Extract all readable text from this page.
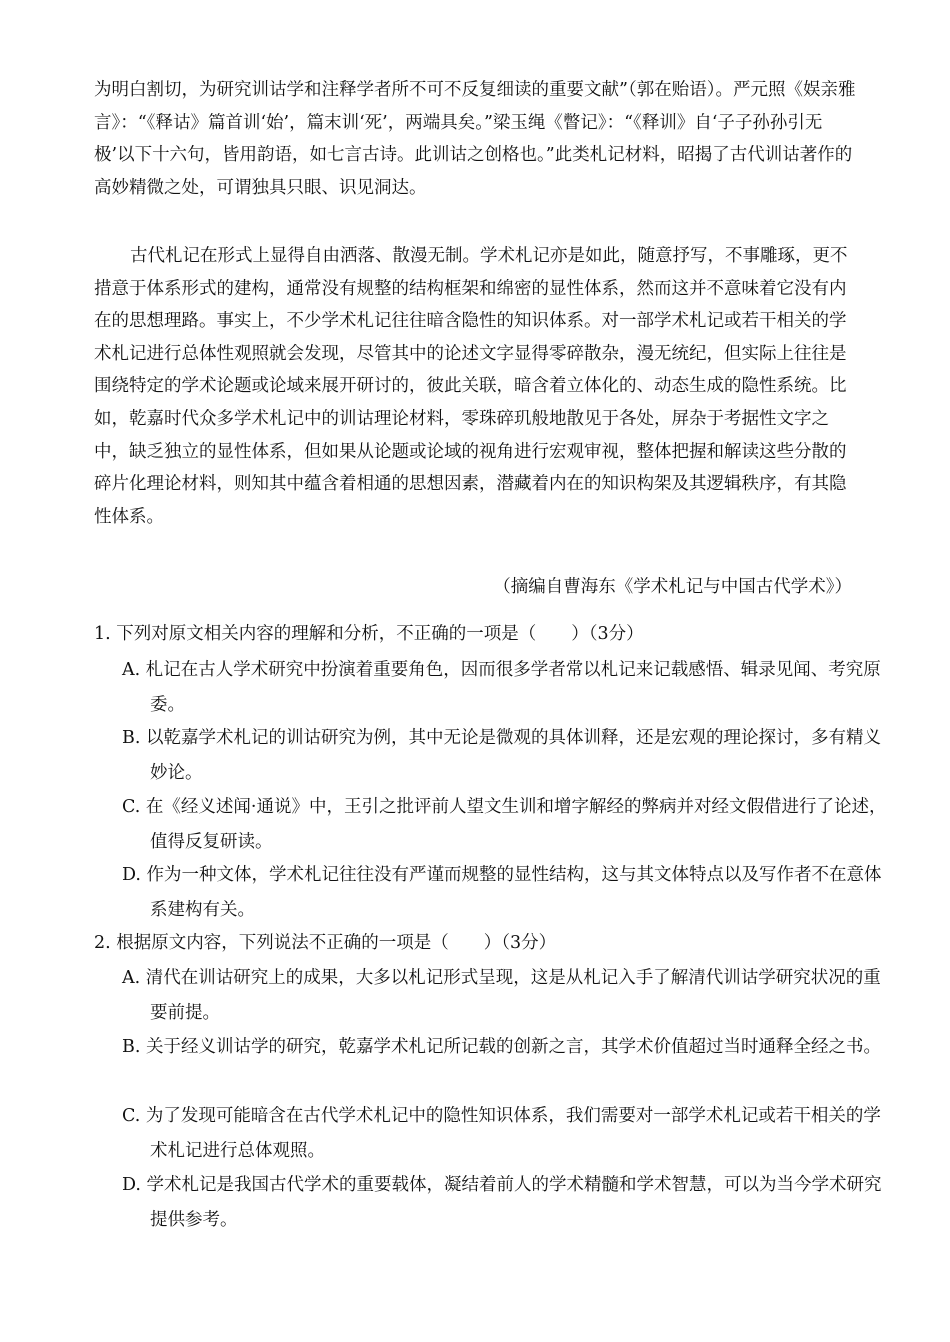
为明白割切，为研究训诂学和注释学者所不可不反复细读的重要文献”（郭在贻语）。严元照《娱亲雅言》：“《释诂》篇首训‘始’，篇末训‘死’，两端具矣。”梁玉绳《瞥记》：“《释训》自‘子子孙孙引无极’以下十六句，皆用韵语，如七言古诗。此训诂之创格也。”此类札记材料，昭揭了古代训诂著作的高妙精微之处，可谓独具只眼、识见洞达。

古代札记在形式上显得自由洒落、散漫无制。学术札记亦是如此，随意抒写，不事雕琢，更不措意于体系形式的建构，通常没有规整的结构框架和绵密的显性体系，然而这并不意味着它没有内在的思想理路。事实上，不少学术札记往往暗含隐性的知识体系。对一部学术札记或若干相关的学术札记进行总体性观照就会发现，尽管其中的论述文字显得零碎散杂，漫无统纪，但实际上往往是围绕特定的学术论题或论域来展开研讨的，彼此关联，暗含着立体化的、动态生成的隐性系统。比如，乾嘉时代众多学术札记中的训诂理论材料，零珠碎玑般地散见于各处，屏杂于考据性文字之中，缺乏独立的显性体系，但如果从论题或论域的视角进行宏观审视，整体把握和解读这些分散的碎片化理论材料，则知其中蕴含着相通的思想因素，潜藏着内在的知识构架及其逻辑秩序，有其隐性体系。

（摘编自曹海东《学术札记与中国古代学术》）

1. 下列对原文相关内容的理解和分析，不正确的一项是（　　）（3分）

A. 札记在古人学术研究中扮演着重要角色，因而很多学者常以札记来记载感悟、辑录见闻、考究原委。

B. 以乾嘉学术札记的训诂研究为例，其中无论是微观的具体训释，还是宏观的理论探讨，多有精义妙论。

C. 在《经义述闻·通说》中，王引之批评前人望文生训和增字解经的弊病并对经文假借进行了论述，值得反复研读。

D. 作为一种文体，学术札记往往没有严谨而规整的显性结构，这与其文体特点以及写作者不在意体系建构有关。

2. 根据原文内容，下列说法不正确的一项是（　　）（3分）

A. 清代在训诂研究上的成果，大多以札记形式呈现，这是从札记入手了解清代训诂学研究状况的重要前提。

B. 关于经义训诂学的研究，乾嘉学术札记所记载的创新之言，其学术价值超过当时通释全经之书。

C. 为了发现可能暗含在古代学术札记中的隐性知识体系，我们需要对一部学术札记或若干相关的学术札记进行总体观照。

D. 学术札记是我国古代学术的重要载体，凝结着前人的学术精髓和学术智慧，可以为当今学术研究提供参考。
